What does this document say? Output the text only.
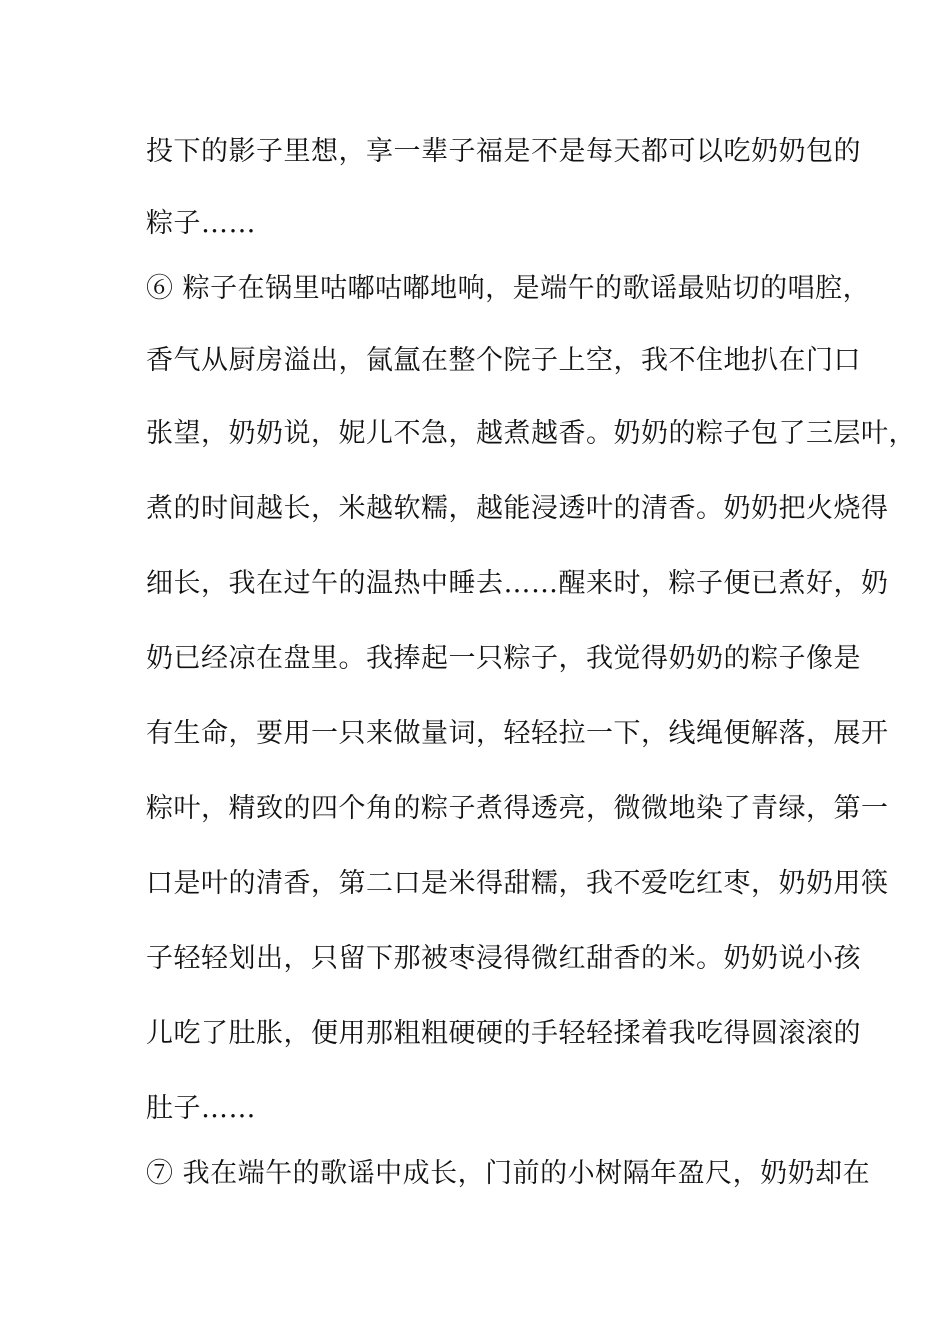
投下的影子里想，享一辈子福是不是每天都可以吃奶奶包的
粽子……
⑥ 粽子在锅里咕嘟咕嘟地响，是端午的歌谣最贴切的唱腔，
香气从厨房溢出，氤氲在整个院子上空，我不住地扒在门口
张望，奶奶说，妮儿不急，越煮越香。奶奶的粽子包了三层叶，
煮的时间越长，米越软糯，越能浸透叶的清香。奶奶把火烧得
细长，我在过午的温热中睡去……醒来时，粽子便已煮好，奶
奶已经凉在盘里。我捧起一只粽子，我觉得奶奶的粽子像是
有生命，要用一只来做量词，轻轻拉一下，线绳便解落，展开
粽叶，精致的四个角的粽子煮得透亮，微微地染了青绿，第一
口是叶的清香，第二口是米得甜糯，我不爱吃红枣，奶奶用筷
子轻轻划出，只留下那被枣浸得微红甜香的米。奶奶说小孩
儿吃了肚胀，便用那粗粗硬硬的手轻轻揉着我吃得圆滚滚的
肚子……
⑦ 我在端午的歌谣中成长，门前的小树隔年盈尺，奶奶却在
